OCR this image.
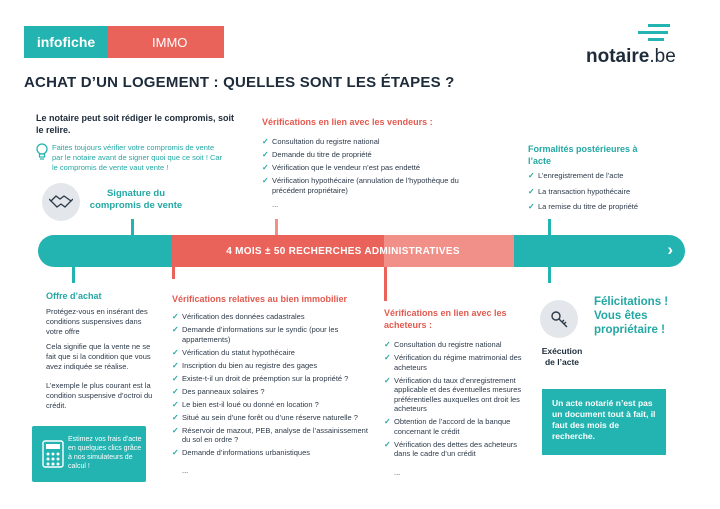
infofiche	IMMO
notaire.be
ACHAT D’UN LOGEMENT : QUELLES SONT LES ÉTAPES ?
Le notaire peut soit rédiger le compromis, soit le relire.
Faites toujours vérifier votre compromis de vente par le notaire avant de signer quoi que ce soit ! Car le compromis de vente vaut vente !
Signature du compromis de vente
Vérifications en lien avec les vendeurs :
✓ Consultation du registre national
✓ Demande du titre de propriété
✓ Vérification que le vendeur n’est pas endetté
✓ Vérification hypothécaire (annulation de l’hypothèque du précédent propriétaire)
...
Formalités postérieures à l’acte
✓ L’enregistrement de l’acte
✓ La transaction hypothécaire
✓ La remise du titre de propriété
4 MOIS ± 50 RECHERCHES ADMINISTRATIVES	›
Offre d’achat
Protégez-vous en insérant des conditions suspensives dans votre offre
Cela signifie que la vente ne se fait que si la condition que vous avez indiquée se réalise.
L’exemple le plus courant est la condition suspensive d’octroi du crédit.
Estimez vos frais d’acte en quelques clics grâce à nos simulateurs de calcul !
Vérifications relatives au bien immobilier
✓ Vérification des données cadastrales
✓ Demande d’informations sur le syndic (pour les appartements)
✓ Vérification du statut hypothécaire
✓ Inscription du bien au registre des gages
✓ Existe-t-il un droit de préemption sur la propriété ?
✓ Des panneaux solaires ?
✓ Le bien est-il loué ou donné en location ?
✓ Situé au sein d’une forêt ou d’une réserve naturelle ?
✓ Réservoir de mazout, PEB, analyse de l’assainissement du sol en ordre ?
✓ Demande d’informations urbanistiques
...
Vérifications en lien avec les acheteurs :
✓ Consultation du registre national
✓ Vérification du régime matrimonial des acheteurs
✓ Vérification du taux d’enregistrement applicable et des éventuelles mesures préférentielles auxquelles ont droit les acheteurs
✓ Obtention de l’accord de la banque concernant le crédit
✓ Vérification des dettes des acheteurs dans le cadre d’un crédit
...
Exécution de l’acte
Félicitations ! Vous êtes propriétaire !
Un acte notarié n’est pas un document tout à fait, il faut des mois de recherche.
